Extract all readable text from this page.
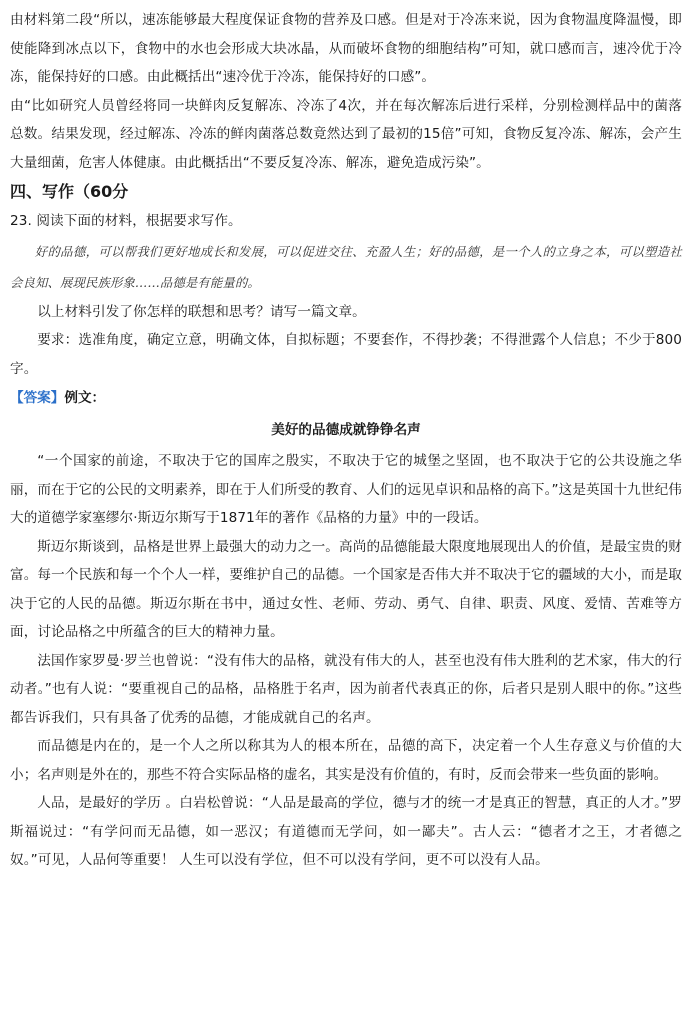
由材料第二段“所以，速冻能够最大程度保证食物的营养及口感。但是对于冷冻来说，因为食物温度降温慢，即使能降到冰点以下，食物中的水也会形成大块冰晶，从而破坏食物的细胞结构”可知，就口感而言，速冷优于冷冻，能保持好的口感。由此概括出“速冷优于冷冻，能保持好的口感”。

由“比如研究人员曾经将同一块鲜肉反复解冻、冷冻了4次，并在每次解冻后进行采样，分别检测样品中的菌落总数。结果发现，经过解冻、冷冻的鲜肉菌落总数竟然达到了最初的15倍”可知，食物反复冷冻、解冻，会产生大量细菌，危害人体健康。由此概括出“不要反复冷冻、解冻，避免造成污染”。

四、写作（60分

23. 阅读下面的材料，根据要求写作。

好的品德，可以帮我们更好地成长和发展，可以促进交往、充盈人生；好的品德，是一个人的立身之本，可以塑造社会良知、展现民族形象……品德是有能量的。

以上材料引发了你怎样的联想和思考？请写一篇文章。

要求：选准角度，确定立意，明确文体，自拟标题；不要套作，不得抄袭；不得泄露个人信息；不少于800字。

【答案】例文：
美好的品德成就铮铮名声

“一个国家的前途，不取决于它的国库之殷实，不取决于它的城堡之坚固，也不取决于它的公共设施之华丽，而在于它的公民的文明素养，即在于人们所受的教育、人们的远见卓识和品格的高下。”这是英国十九世纪伟大的道德学家塞缪尔·斯迈尔斯写于1871年的著作《品格的力量》中的一段话。

斯迈尔斯谈到，品格是世界上最强大的动力之一。高尚的品德能最大限度地展现出人的价值，是最宝贵的财富。每一个民族和每一个个人一样，要维护自己的品德。一个国家是否伟大并不取决于它的疆域的大小，而是取决于它的人民的品德。斯迈尔斯在书中，通过女性、老师、劳动、勇气、自律、职责、风度、爱情、苦难等方面，讨论品格之中所蕴含的巨大的精神力量。

法国作家罗曼·罗兰也曾说：“没有伟大的品格，就没有伟大的人，甚至也没有伟大胜利的艺术家，伟大的行动者。”也有人说：“要重视自己的品格，品格胜于名声，因为前者代表真正的你，后者只是别人眼中的你。”这些都告诉我们，只有具备了优秀的品德，才能成就自己的名声。

而品德是内在的，是一个人之所以称其为人的根本所在，品德的高下，决定着一个人生存意义与价值的大小；名声则是外在的，那些不符合实际品格的虚名，其实是没有价值的，有时，反而会带来一些负面的影响。

人品，是最好的学历 。白岩松曾说：“人品是最高的学位，德与才的统一才是真正的智慧，真正的人才。”罗斯福说过：“有学问而无品德，如一恶汉；有道德而无学问，如一鄙夫”。古人云：“德者才之王，才者德之奴。”可见，人品何等重要！ 人生可以没有学位，但不可以没有学问，更不可以没有人品。
